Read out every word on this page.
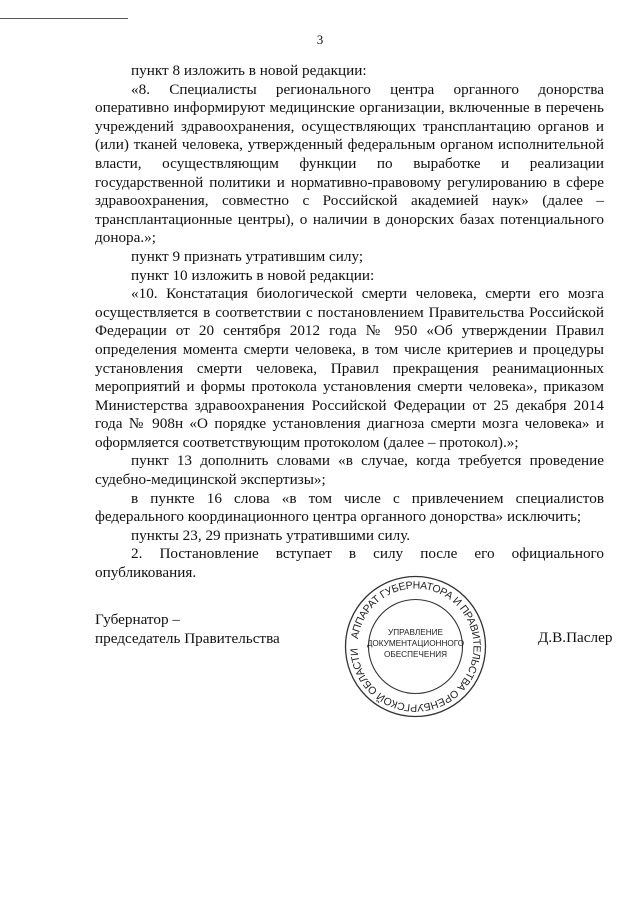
3

пункт 8 изложить в новой редакции:

«8. Специалисты регионального центра органного донорства оперативно информируют медицинские организации, включенные в перечень учреждений здравоохранения, осуществляющих трансплантацию органов и (или) тканей человека, утвержденный федеральным органом исполнительной власти, осуществляющим функции по выработке и реализации государственной политики и нормативно-правовому регулированию в сфере здравоохранения, совместно с Российской академией наук» (далее – трансплантационные центры), о наличии в донорских базах потенциального донора.»;

пункт 9 признать утратившим силу;

пункт 10 изложить в новой редакции:

«10. Констатация биологической смерти человека, смерти его мозга осуществляется в соответствии с постановлением Правительства Российской Федерации от 20 сентября 2012 года № 950 «Об утверждении Правил определения момента смерти человека, в том числе критериев и процедуры установления смерти человека, Правил прекращения реанимационных мероприятий и формы протокола установления смерти человека», приказом Министерства здравоохранения Российской Федерации от 25 декабря 2014 года № 908н «О порядке установления диагноза смерти мозга человека» и оформляется соответствующим протоколом (далее – протокол).»;

пункт 13 дополнить словами «в случае, когда требуется проведение судебно-медицинской экспертизы»;

в пункте 16 слова «в том числе с привлечением специалистов федерального координационного центра органного донорства» исключить;

пункты 23, 29 признать утратившими силу.

2. Постановление вступает в силу после его официального опубликования.

Губернатор –
председатель Правительства	Д.В.Паслер
АППАРАТ ГУБЕРНАТОРА И ПРАВИТЕЛЬСТВА ОРЕНБУРГСКОЙ ОБЛАСТИ
УПРАВЛЕНИЕ
ДОКУМЕНТАЦИОННОГО
ОБЕСПЕЧЕНИЯ
